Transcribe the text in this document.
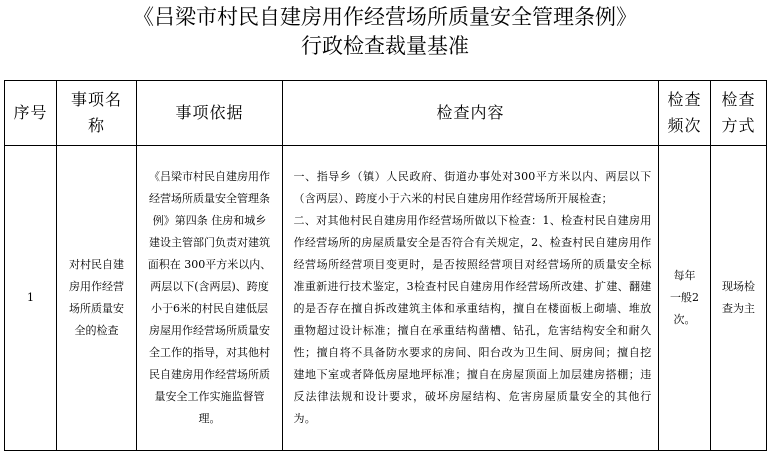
《吕梁市村民自建房用作经营场所质量安全管理条例》
行政检查裁量基准
序号	事项名称	事项依据	检查内容	检查频次	检查方式

1	对村民自建房用作经营场所质量安全的检查	《吕梁市村民自建房用作经营场所质量安全管理条例》第四条 住房和城乡建设主管部门负责对建筑面积在 300平方米以内、两层以下(含两层)、跨度小于6米的村民自建低层房屋用作经营场所质量安全工作的指导，对其他村民自建房用作经营场所质量安全工作实施监督管理。	一、指导乡（镇）人民政府、街道办事处对300平方米以内、两层以下（含两层）、跨度小于六米的村民自建房用作经营场所开展检查；
二、对其他村民自建房用作经营场所做以下检查：1、检查村民自建房用作经营场所的房屋质量安全是否符合有关规定，2、检查村民自建房用作经营场所经营项目变更时，是否按照经营项目对经营场所的质量安全标准重新进行技术鉴定，3检查村民自建房用作经营场所改建、扩建、翻建的是否存在擅自拆改建筑主体和承重结构，擅自在楼面板上砌墙、堆放重物超过设计标准；擅自在承重结构凿槽、钻孔，危害结构安全和耐久性；擅自将不具备防水要求的房间、阳台改为卫生间、厨房间；擅自挖建地下室或者降低房屋地坪标准；擅自在房屋顶面上加层建房搭棚；违反法律法规和设计要求，破坏房屋结构、危害房屋质量安全的其他行为。	每年一般2次。	现场检查为主
